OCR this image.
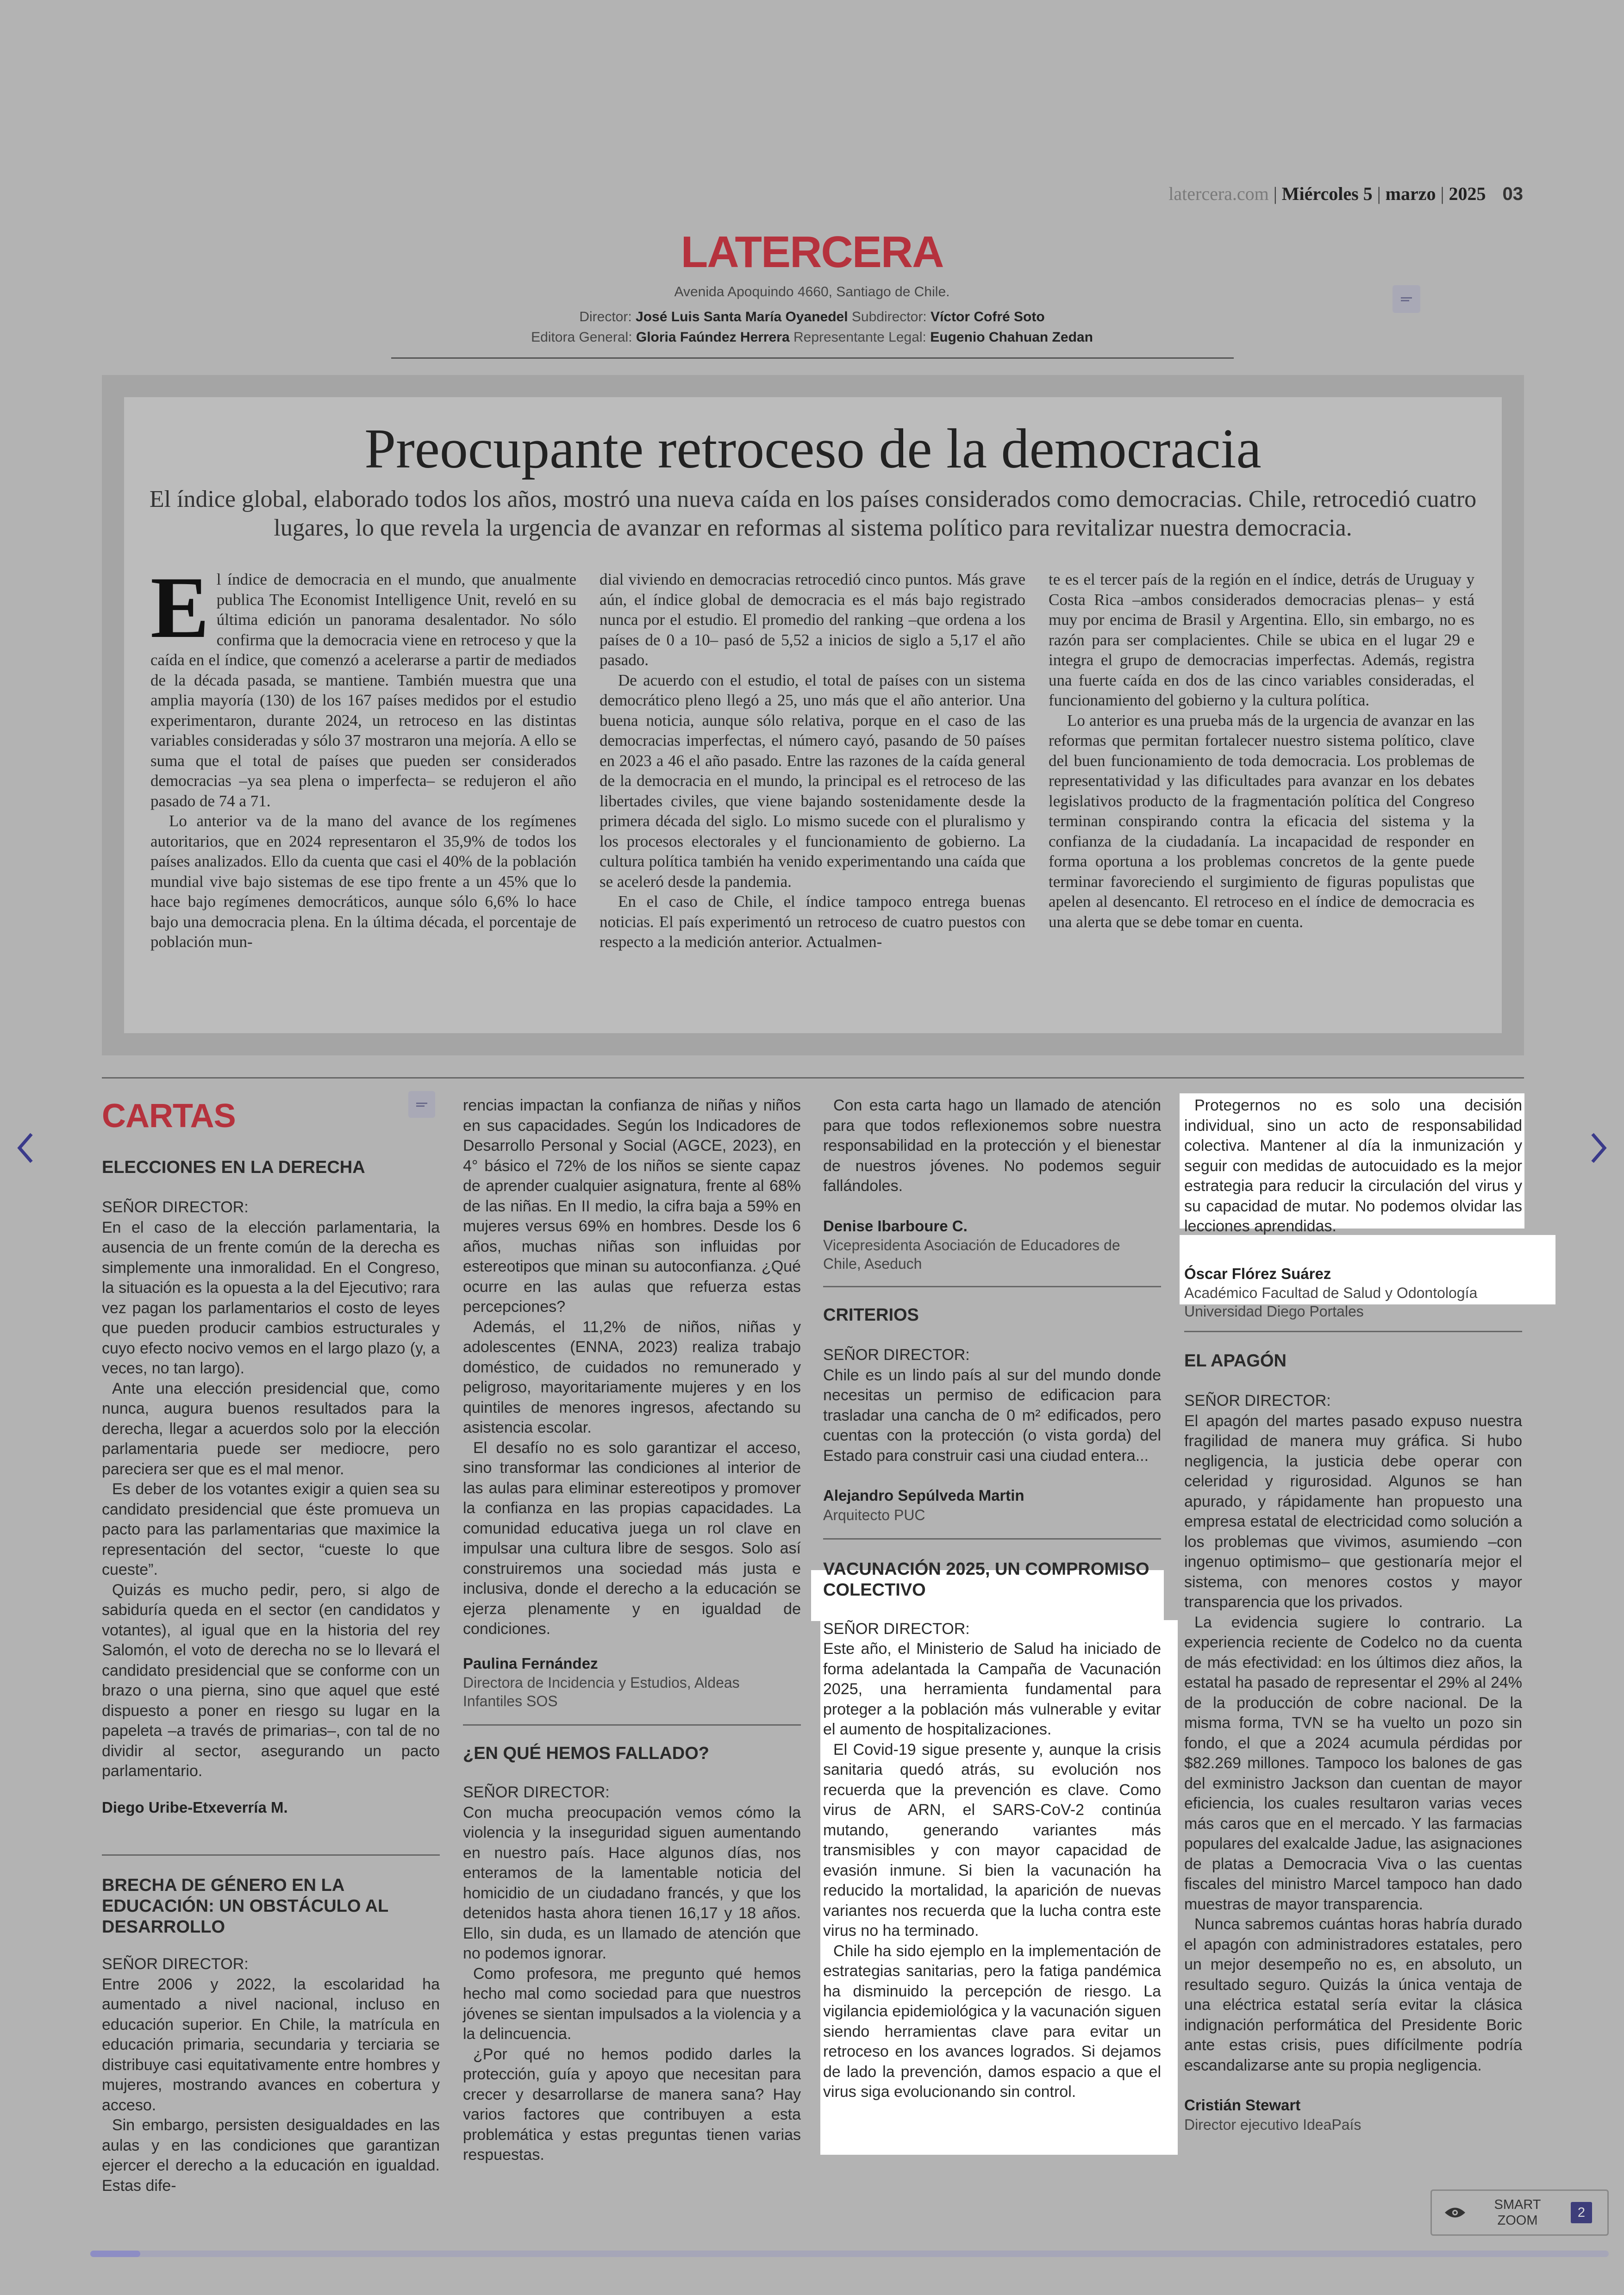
latercera.com | Miércoles 5 | marzo | 2025 03
LATERCERA
Avenida Apoquindo 4660, Santiago de Chile.
Director: José Luis Santa María Oyanedel Subdirector: Víctor Cofré Soto
Editora General: Gloria Faúndez Herrera Representante Legal: Eugenio Chahuan Zedan
Preocupante retroceso de la democracia
El índice global, elaborado todos los años, mostró una nueva caída en los países considerados como democracias. Chile, retrocedió cuatro lugares, lo que revela la urgencia de avanzar en reformas al sistema político para revitalizar nuestra democracia.

El índice de democracia en el mundo, que anualmente publica The Economist Intelligence Unit, reveló en su última edición un panorama desalentador. No sólo confirma que la democracia viene en retroceso y que la caída en el índice, que comenzó a acelerarse a partir de mediados de la década pasada, se mantiene. También muestra que una amplia mayoría (130) de los 167 países medidos por el estudio experimentaron, durante 2024, un retroceso en las distintas variables consideradas y sólo 37 mostraron una mejoría. A ello se suma que el total de países que pueden ser considerados democracias –ya sea plena o imperfecta– se redujeron el año pasado de 74 a 71.

Lo anterior va de la mano del avance de los regímenes autoritarios, que en 2024 representaron el 35,9% de todos los países analizados. Ello da cuenta que casi el 40% de la población mundial vive bajo sistemas de ese tipo frente a un 45% que lo hace bajo regímenes democráticos, aunque sólo 6,6% lo hace bajo una democracia plena. En la última década, el porcentaje de población mun-

dial viviendo en democracias retrocedió cinco puntos. Más grave aún, el índice global de democracia es el más bajo registrado nunca por el estudio. El promedio del ranking –que ordena a los países de 0 a 10– pasó de 5,52 a inicios de siglo a 5,17 el año pasado.

De acuerdo con el estudio, el total de países con un sistema democrático pleno llegó a 25, uno más que el año anterior. Una buena noticia, aunque sólo relativa, porque en el caso de las democracias imperfectas, el número cayó, pasando de 50 países en 2023 a 46 el año pasado. Entre las razones de la caída general de la democracia en el mundo, la principal es el retroceso de las libertades civiles, que viene bajando sostenidamente desde la primera década del siglo. Lo mismo sucede con el pluralismo y los procesos electorales y el funcionamiento de gobierno. La cultura política también ha venido experimentando una caída que se aceleró desde la pandemia.

En el caso de Chile, el índice tampoco entrega buenas noticias. El país experimentó un retroceso de cuatro puestos con respecto a la medición anterior. Actualmen-

te es el tercer país de la región en el índice, detrás de Uruguay y Costa Rica –ambos considerados democracias plenas– y está muy por encima de Brasil y Argentina. Ello, sin embargo, no es razón para ser complacientes. Chile se ubica en el lugar 29 e integra el grupo de democracias imperfectas. Además, registra una fuerte caída en dos de las cinco variables consideradas, el funcionamiento del gobierno y la cultura política.

Lo anterior es una prueba más de la urgencia de avanzar en las reformas que permitan fortalecer nuestro sistema político, clave del buen funcionamiento de toda democracia. Los problemas de representatividad y las dificultades para avanzar en los debates legislativos producto de la fragmentación política del Congreso terminan conspirando contra la eficacia del sistema y la confianza de la ciudadanía. La incapacidad de responder en forma oportuna a los problemas concretos de la gente puede terminar favoreciendo el surgimiento de figuras populistas que apelen al desencanto. El retroceso en el índice de democracia es una alerta que se debe tomar en cuenta.

CARTAS
ELECCIONES EN LA DERECHA
SEÑOR DIRECTOR:

En el caso de la elección parlamentaria, la ausencia de un frente común de la derecha es simplemente una inmoralidad. En el Congreso, la situación es la opuesta a la del Ejecutivo; rara vez pagan los parlamentarios el costo de leyes que pueden producir cambios estructurales y cuyo efecto nocivo vemos en el largo plazo (y, a veces, no tan largo).

Ante una elección presidencial que, como nunca, augura buenos resultados para la derecha, llegar a acuerdos solo por la elección parlamentaria puede ser mediocre, pero pareciera ser que es el mal menor.

Es deber de los votantes exigir a quien sea su candidato presidencial que éste promueva un pacto para las parlamentarias que maximice la representación del sector, “cueste lo que cueste”.

Quizás es mucho pedir, pero, si algo de sabiduría queda en el sector (en candidatos y votantes), al igual que en la historia del rey Salomón, el voto de derecha no se lo llevará el candidato presidencial que se conforme con un brazo o una pierna, sino que aquel que esté dispuesto a poner en riesgo su lugar en la papeleta –a través de primarias–, con tal de no dividir al sector, asegurando un pacto parlamentario.

Diego Uribe-Etxeverría M.
BRECHA DE GÉNERO EN LA EDUCACIÓN: UN OBSTÁCULO AL DESARROLLO
SEÑOR DIRECTOR:

Entre 2006 y 2022, la escolaridad ha aumentado a nivel nacional, incluso en educación superior. En Chile, la matrícula en educación primaria, secundaria y terciaria se distribuye casi equitativamente entre hombres y mujeres, mostrando avances en cobertura y acceso.

Sin embargo, persisten desigualdades en las aulas y en las condiciones que garantizan ejercer el derecho a la educación en igualdad. Estas dife-

rencias impactan la confianza de niñas y niños en sus capacidades. Según los Indicadores de Desarrollo Personal y Social (AGCE, 2023), en 4° básico el 72% de los niños se siente capaz de aprender cualquier asignatura, frente al 68% de las niñas. En II medio, la cifra baja a 59% en mujeres versus 69% en hombres. Desde los 6 años, muchas niñas son influidas por estereotipos que minan su autoconfianza. ¿Qué ocurre en las aulas que refuerza estas percepciones?

Además, el 11,2% de niños, niñas y adolescentes (ENNA, 2023) realiza trabajo doméstico, de cuidados no remunerado y peligroso, mayoritariamente mujeres y en los quintiles de menores ingresos, afectando su asistencia escolar.

El desafío no es solo garantizar el acceso, sino transformar las condiciones al interior de las aulas para eliminar estereotipos y promover la confianza en las propias capacidades. La comunidad educativa juega un rol clave en impulsar una cultura libre de sesgos. Solo así construiremos una sociedad más justa e inclusiva, donde el derecho a la educación se ejerza plenamente y en igualdad de condiciones.

Paulina Fernández
Directora de Incidencia y Estudios, Aldeas Infantiles SOS
¿EN QUÉ HEMOS FALLADO?
SEÑOR DIRECTOR:

Con mucha preocupación vemos cómo la violencia y la inseguridad siguen aumentando en nuestro país. Hace algunos días, nos enteramos de la lamentable noticia del homicidio de un ciudadano francés, y que los detenidos hasta ahora tienen 16,17 y 18 años. Ello, sin duda, es un llamado de atención que no podemos ignorar.

Como profesora, me pregunto qué hemos hecho mal como sociedad para que nuestros jóvenes se sientan impulsados a la violencia y a la delincuencia.

¿Por qué no hemos podido darles la protección, guía y apoyo que necesitan para crecer y desarrollarse de manera sana? Hay varios factores que contribuyen a esta problemática y estas preguntas tienen varias respuestas.

Con esta carta hago un llamado de atención para que todos reflexionemos sobre nuestra responsabilidad en la protección y el bienestar de nuestros jóvenes. No podemos seguir fallándoles.

Denise Ibarboure C.
Vicepresidenta Asociación de Educadores de Chile, Aseduch
CRITERIOS
SEÑOR DIRECTOR:

Chile es un lindo país al sur del mundo donde necesitas un permiso de edificacion para trasladar una cancha de 0 m² edificados, pero cuentas con la protección (o vista gorda) del Estado para construir casi una ciudad entera...

Alejandro Sepúlveda Martin
Arquitecto PUC
VACUNACIÓN 2025, UN COMPROMISO COLECTIVO
SEÑOR DIRECTOR:

Este año, el Ministerio de Salud ha iniciado de forma adelantada la Campaña de Vacunación 2025, una herramienta fundamental para proteger a la población más vulnerable y evitar el aumento de hospitalizaciones.

El Covid-19 sigue presente y, aunque la crisis sanitaria quedó atrás, su evolución nos recuerda que la prevención es clave. Como virus de ARN, el SARS-CoV-2 continúa mutando, generando variantes más transmisibles y con mayor capacidad de evasión inmune. Si bien la vacunación ha reducido la mortalidad, la aparición de nuevas variantes nos recuerda que la lucha contra este virus no ha terminado.

Chile ha sido ejemplo en la implementación de estrategias sanitarias, pero la fatiga pandémica ha disminuido la percepción de riesgo. La vigilancia epidemiológica y la vacunación siguen siendo herramientas clave para evitar un retroceso en los avances logrados. Si dejamos de lado la prevención, damos espacio a que el virus siga evolucionando sin control.

Protegernos no es solo una decisión individual, sino un acto de responsabilidad colectiva. Mantener al día la inmunización y seguir con medidas de autocuidado es la mejor estrategia para reducir la circulación del virus y su capacidad de mutar. No podemos olvidar las lecciones aprendidas.

Óscar Flórez Suárez
Académico Facultad de Salud y Odontología Universidad Diego Portales
EL APAGÓN
SEÑOR DIRECTOR:

El apagón del martes pasado expuso nuestra fragilidad de manera muy gráfica. Si hubo negligencia, la justicia debe operar con celeridad y rigurosidad. Algunos se han apurado, y rápidamente han propuesto una empresa estatal de electricidad como solución a los problemas que vivimos, asumiendo –con ingenuo optimismo– que gestionaría mejor el sistema, con menores costos y mayor transparencia que los privados.

La evidencia sugiere lo contrario. La experiencia reciente de Codelco no da cuenta de más efectividad: en los últimos diez años, la estatal ha pasado de representar el 29% al 24% de la producción de cobre nacional. De la misma forma, TVN se ha vuelto un pozo sin fondo, el que a 2024 acumula pérdidas por $82.269 millones. Tampoco los balones de gas del exministro Jackson dan cuentan de mayor eficiencia, los cuales resultaron varias veces más caros que en el mercado. Y las farmacias populares del exalcalde Jadue, las asignaciones de platas a Democracia Viva o las cuentas fiscales del ministro Marcel tampoco han dado muestras de mayor transparencia.

Nunca sabremos cuántas horas habría durado el apagón con administradores estatales, pero un mejor desempeño no es, en absoluto, un resultado seguro. Quizás la única ventaja de una eléctrica estatal sería evitar la clásica indignación performática del Presidente Boric ante estas crisis, pues difícilmente podría escandalizarse ante su propia negligencia.

Cristián Stewart
Director ejecutivo IdeaPaís
SMART ZOOM
2
